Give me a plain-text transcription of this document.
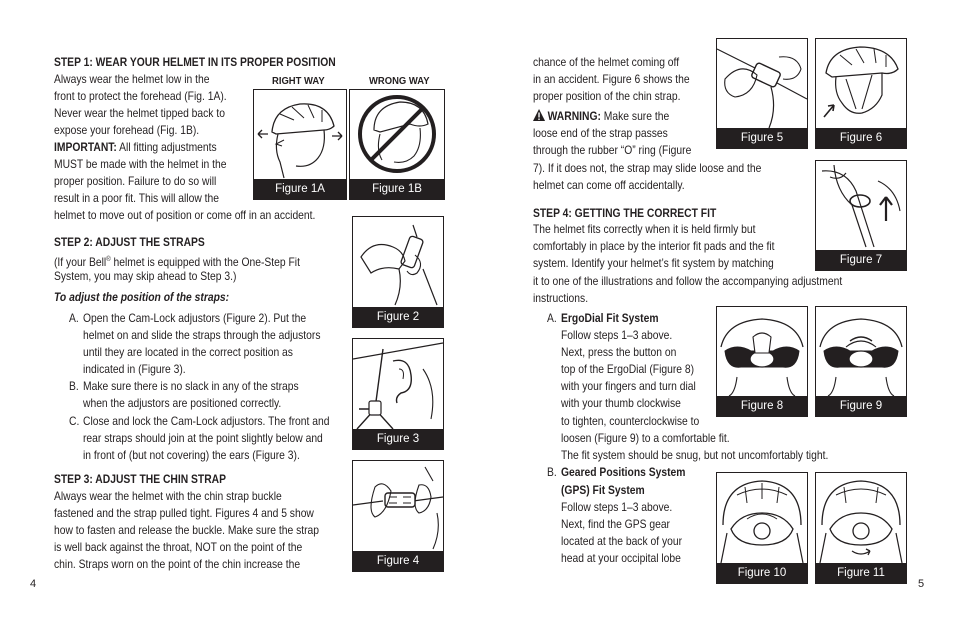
STEP 1: WEAR YOUR HELMET IN ITS PROPER POSITION
Always wear the helmet low in the
front to protect the forehead (Fig. 1A).
Never wear the helmet tipped back to
expose your forehead (Fig. 1B).
IMPORTANT: All fitting adjustments
MUST be made with the helmet in the
proper position. Failure to do so will
result in a poor fit. This will allow the
helmet to move out of position or come off in an accident.
RIGHT WAY	WRONG WAY
Figure 1A	Figure 1B
STEP 2: ADJUST THE STRAPS
(If your Bell® helmet is equipped with the One-Step Fit
System, you may skip ahead to Step 3.)
To adjust the position of the straps:
A. Open the Cam-Lock adjustors (Figure 2). Put the
helmet on and slide the straps through the adjustors
until they are located in the correct position as
indicated in (Figure 3).
B. Make sure there is no slack in any of the straps
when the adjustors are positioned correctly.
C. Close and lock the Cam-Lock adjustors. The front and
rear straps should join at the point slightly below and
in front of (but not covering) the ears (Figure 3).
Figure 2
Figure 3
STEP 3: ADJUST THE CHIN STRAP
Always wear the helmet with the chin strap buckle
fastened and the strap pulled tight. Figures 4 and 5 show
how to fasten and release the buckle. Make sure the strap
is well back against the throat, NOT on the point of the
chin. Straps worn on the point of the chin increase the	Figure 4
4
chance of the helmet coming off
in an accident. Figure 6 shows the
proper position of the chin strap.
WARNING: Make sure the
loose end of the strap passes
through the rubber “O” ring (Figure
7). If it does not, the strap may slide loose and the
helmet can come off accidentally.
Figure 5	Figure 6
Figure 7
STEP 4: GETTING THE CORRECT FIT
The helmet fits correctly when it is held firmly but
comfortably in place by the interior fit pads and the fit
system. Identify your helmet’s fit system by matching
it to one of the illustrations and follow the accompanying adjustment
instructions.
A. ErgoDial Fit System
Follow steps 1–3 above.
Next, press the button on
top of the ErgoDial (Figure 8)
with your fingers and turn dial
with your thumb clockwise
to tighten, counterclockwise to
loosen (Figure 9) to a comfortable fit.
The fit system should be snug, but not uncomfortably tight.
Figure 8	Figure 9
B. Geared Positions System
(GPS) Fit System
Follow steps 1–3 above.
Next, find the GPS gear
located at the back of your
head at your occipital lobe
Figure 10	Figure 11
5
